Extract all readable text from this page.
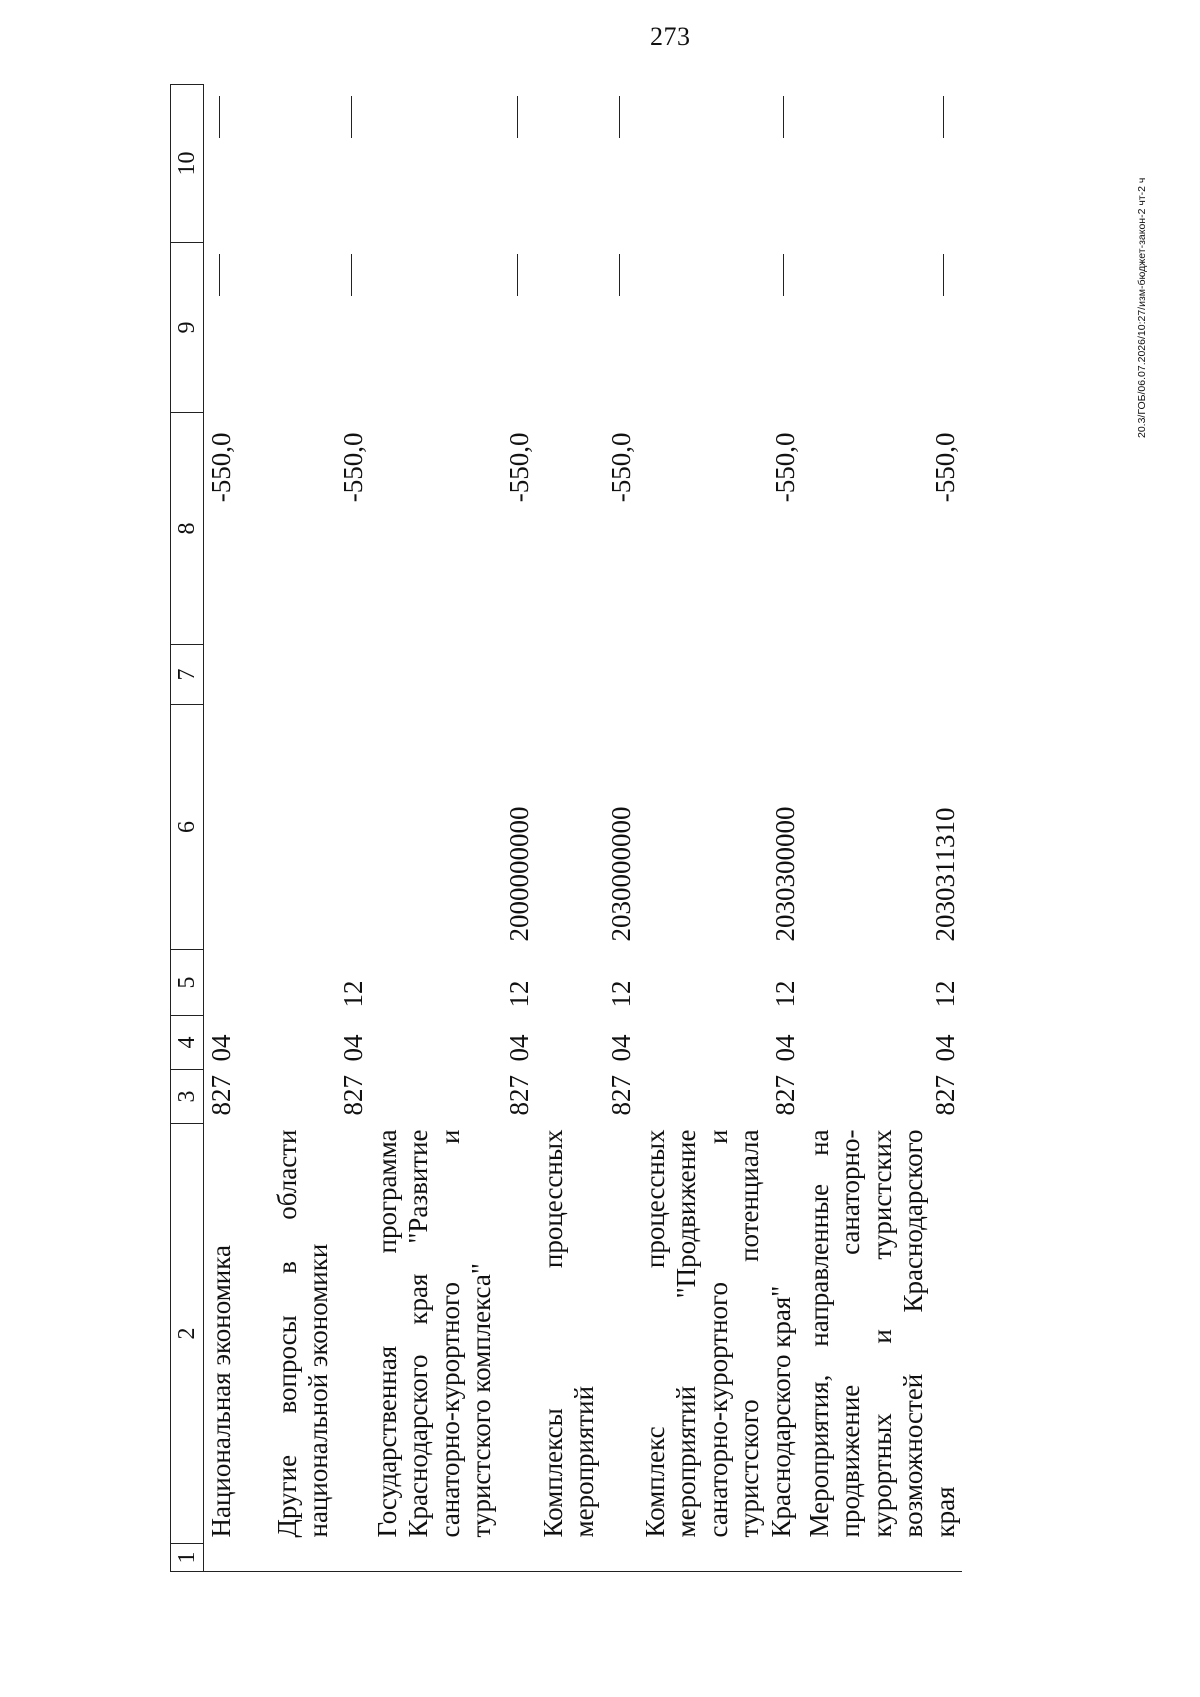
273
20.3/ГОБ/06.07.2026/10:27/изм-бюджет-закон-2 чт-2 ч
1	2	3	4	5	6	7	8	9	10
	Национальная экономика	827	04				-550,0		
	Другие вопросы в области национальной экономики	827	04	12			-550,0		
	Государственная программа Краснодарского края "Развитие санаторно-курортного и туристского комплекса"	827	04	12	2000000000		-550,0		
	Комплексы процессных мероприятий	827	04	12	2030000000		-550,0		
	Комплекс процессных мероприятий "Продвижение санаторно-курортного и туристского потенциала Краснодарского края"	827	04	12	2030300000		-550,0		
	Мероприятия, направленные на продвижение санаторно-курортных и туристских возможностей Краснодарского края	827	04	12	2030311310		-550,0		
